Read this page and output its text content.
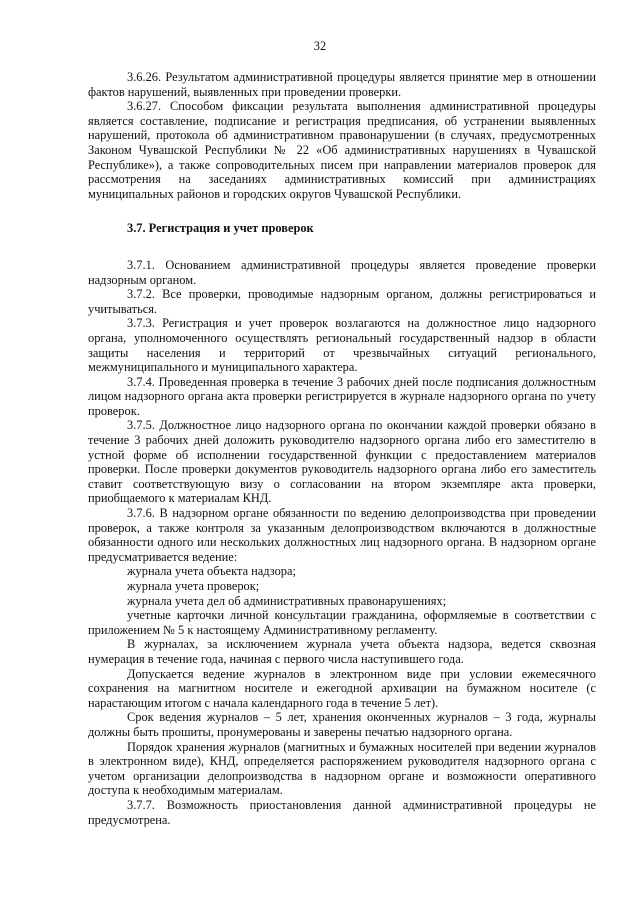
32

3.6.26. Результатом административной процедуры является принятие мер в отношении фактов нарушений, выявленных при проведении проверки.

3.6.27. Способом фиксации результата выполнения административной процедуры является составление, подписание и регистрация предписания, об устранении выявленных нарушений, протокола об административном правонарушении (в случаях, предусмотренных Законом Чувашской Республики № 22 «Об административных нарушениях в Чувашской Республике»), а также сопроводительных писем при направлении материалов проверок для рассмотрения на заседаниях административных комиссий при администрациях муниципальных районов и городских округов Чувашской Республики.

3.7. Регистрация и учет проверок

3.7.1. Основанием административной процедуры является проведение проверки надзорным органом.

3.7.2. Все проверки, проводимые надзорным органом, должны регистрироваться и учитываться.

3.7.3. Регистрация и учет проверок возлагаются на должностное лицо надзорного органа, уполномоченного осуществлять региональный государственный надзор в области защиты населения и территорий от чрезвычайных ситуаций регионального, межмуниципального и муниципального характера.

3.7.4. Проведенная проверка в течение 3 рабочих дней после подписания должностным лицом надзорного органа акта проверки регистрируется в журнале надзорного органа по учету проверок.

3.7.5. Должностное лицо надзорного органа по окончании каждой проверки обязано в течение 3 рабочих дней доложить руководителю надзорного органа либо его заместителю в устной форме об исполнении государственной функции с предоставлением материалов проверки. После проверки документов руководитель надзорного органа либо его заместитель ставит соответствующую визу о согласовании на втором экземпляре акта проверки, приобщаемого к материалам КНД.

3.7.6. В надзорном органе обязанности по ведению делопроизводства при проведении проверок, а также контроля за указанным делопроизводством включаются в должностные обязанности одного или нескольких должностных лиц надзорного органа. В надзорном органе предусматривается ведение:

журнала учета объекта надзора;

журнала учета проверок;

журнала учета дел об административных правонарушениях;

учетные карточки личной консультации гражданина, оформляемые в соответствии с приложением № 5 к настоящему Административному регламенту.

В журналах, за исключением журнала учета объекта надзора, ведется сквозная нумерация в течение года, начиная с первого числа наступившего года.

Допускается ведение журналов в электронном виде при условии ежемесячного сохранения на магнитном носителе и ежегодной архивации на бумажном носителе (с нарастающим итогом с начала календарного года в течение 5 лет).

Срок ведения журналов – 5 лет, хранения оконченных журналов – 3 года, журналы должны быть прошиты, пронумерованы и заверены печатью надзорного органа.

Порядок хранения журналов (магнитных и бумажных носителей при ведении журналов в электронном виде), КНД, определяется распоряжением руководителя надзорного органа с учетом организации делопроизводства в надзорном органе и возможности оперативного доступа к необходимым материалам.

3.7.7. Возможность приостановления данной административной процедуры не предусмотрена.
